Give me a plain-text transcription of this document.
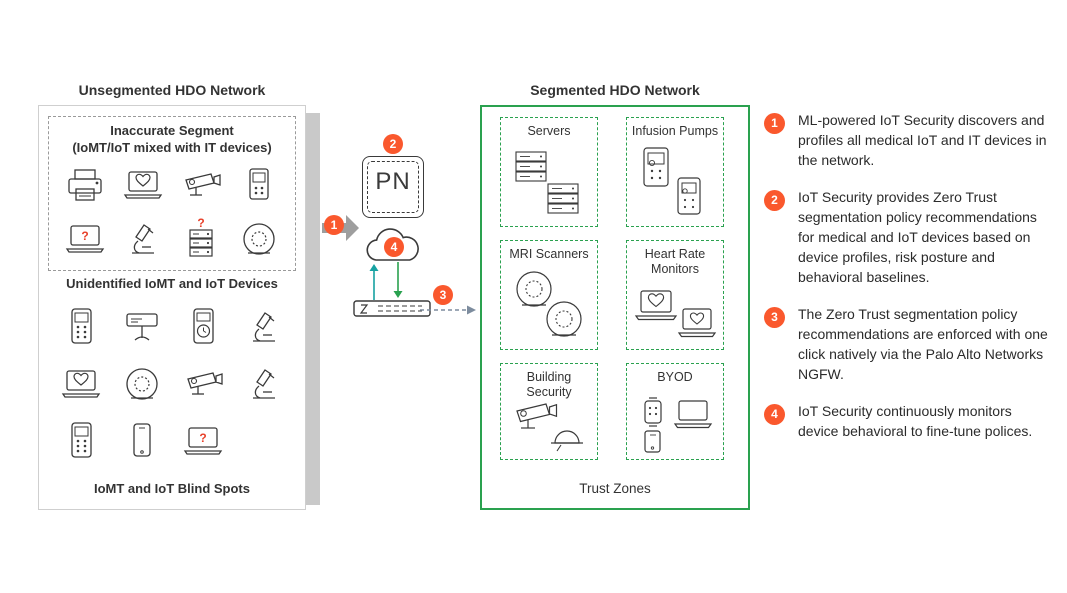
Unsegmented HDO Network	Segmented HDO Network
Inaccurate Segment
(IoMT/IoT mixed with IT devices)
?
?
Unidentified IoMT and IoT Devices
?
IoMT and IoT Blind Spots
1
2
PN
4
3
Servers	Infusion Pumps
MRI Scanners	Heart Rate
Monitors
Building
Security
BYOD
Trust Zones
1	ML-powered IoT Security discovers and profiles all medical IoT and IT devices in the network.
2	IoT Security provides Zero Trust segmentation policy recommendations for medical and IoT devices based on device profiles, risk posture and behavioral baselines.
3	The Zero Trust segmentation policy recommendations are enforced with one click natively via the Palo Alto Networks NGFW.
4	IoT Security continuously monitors device behavioral to fine-tune polices.
